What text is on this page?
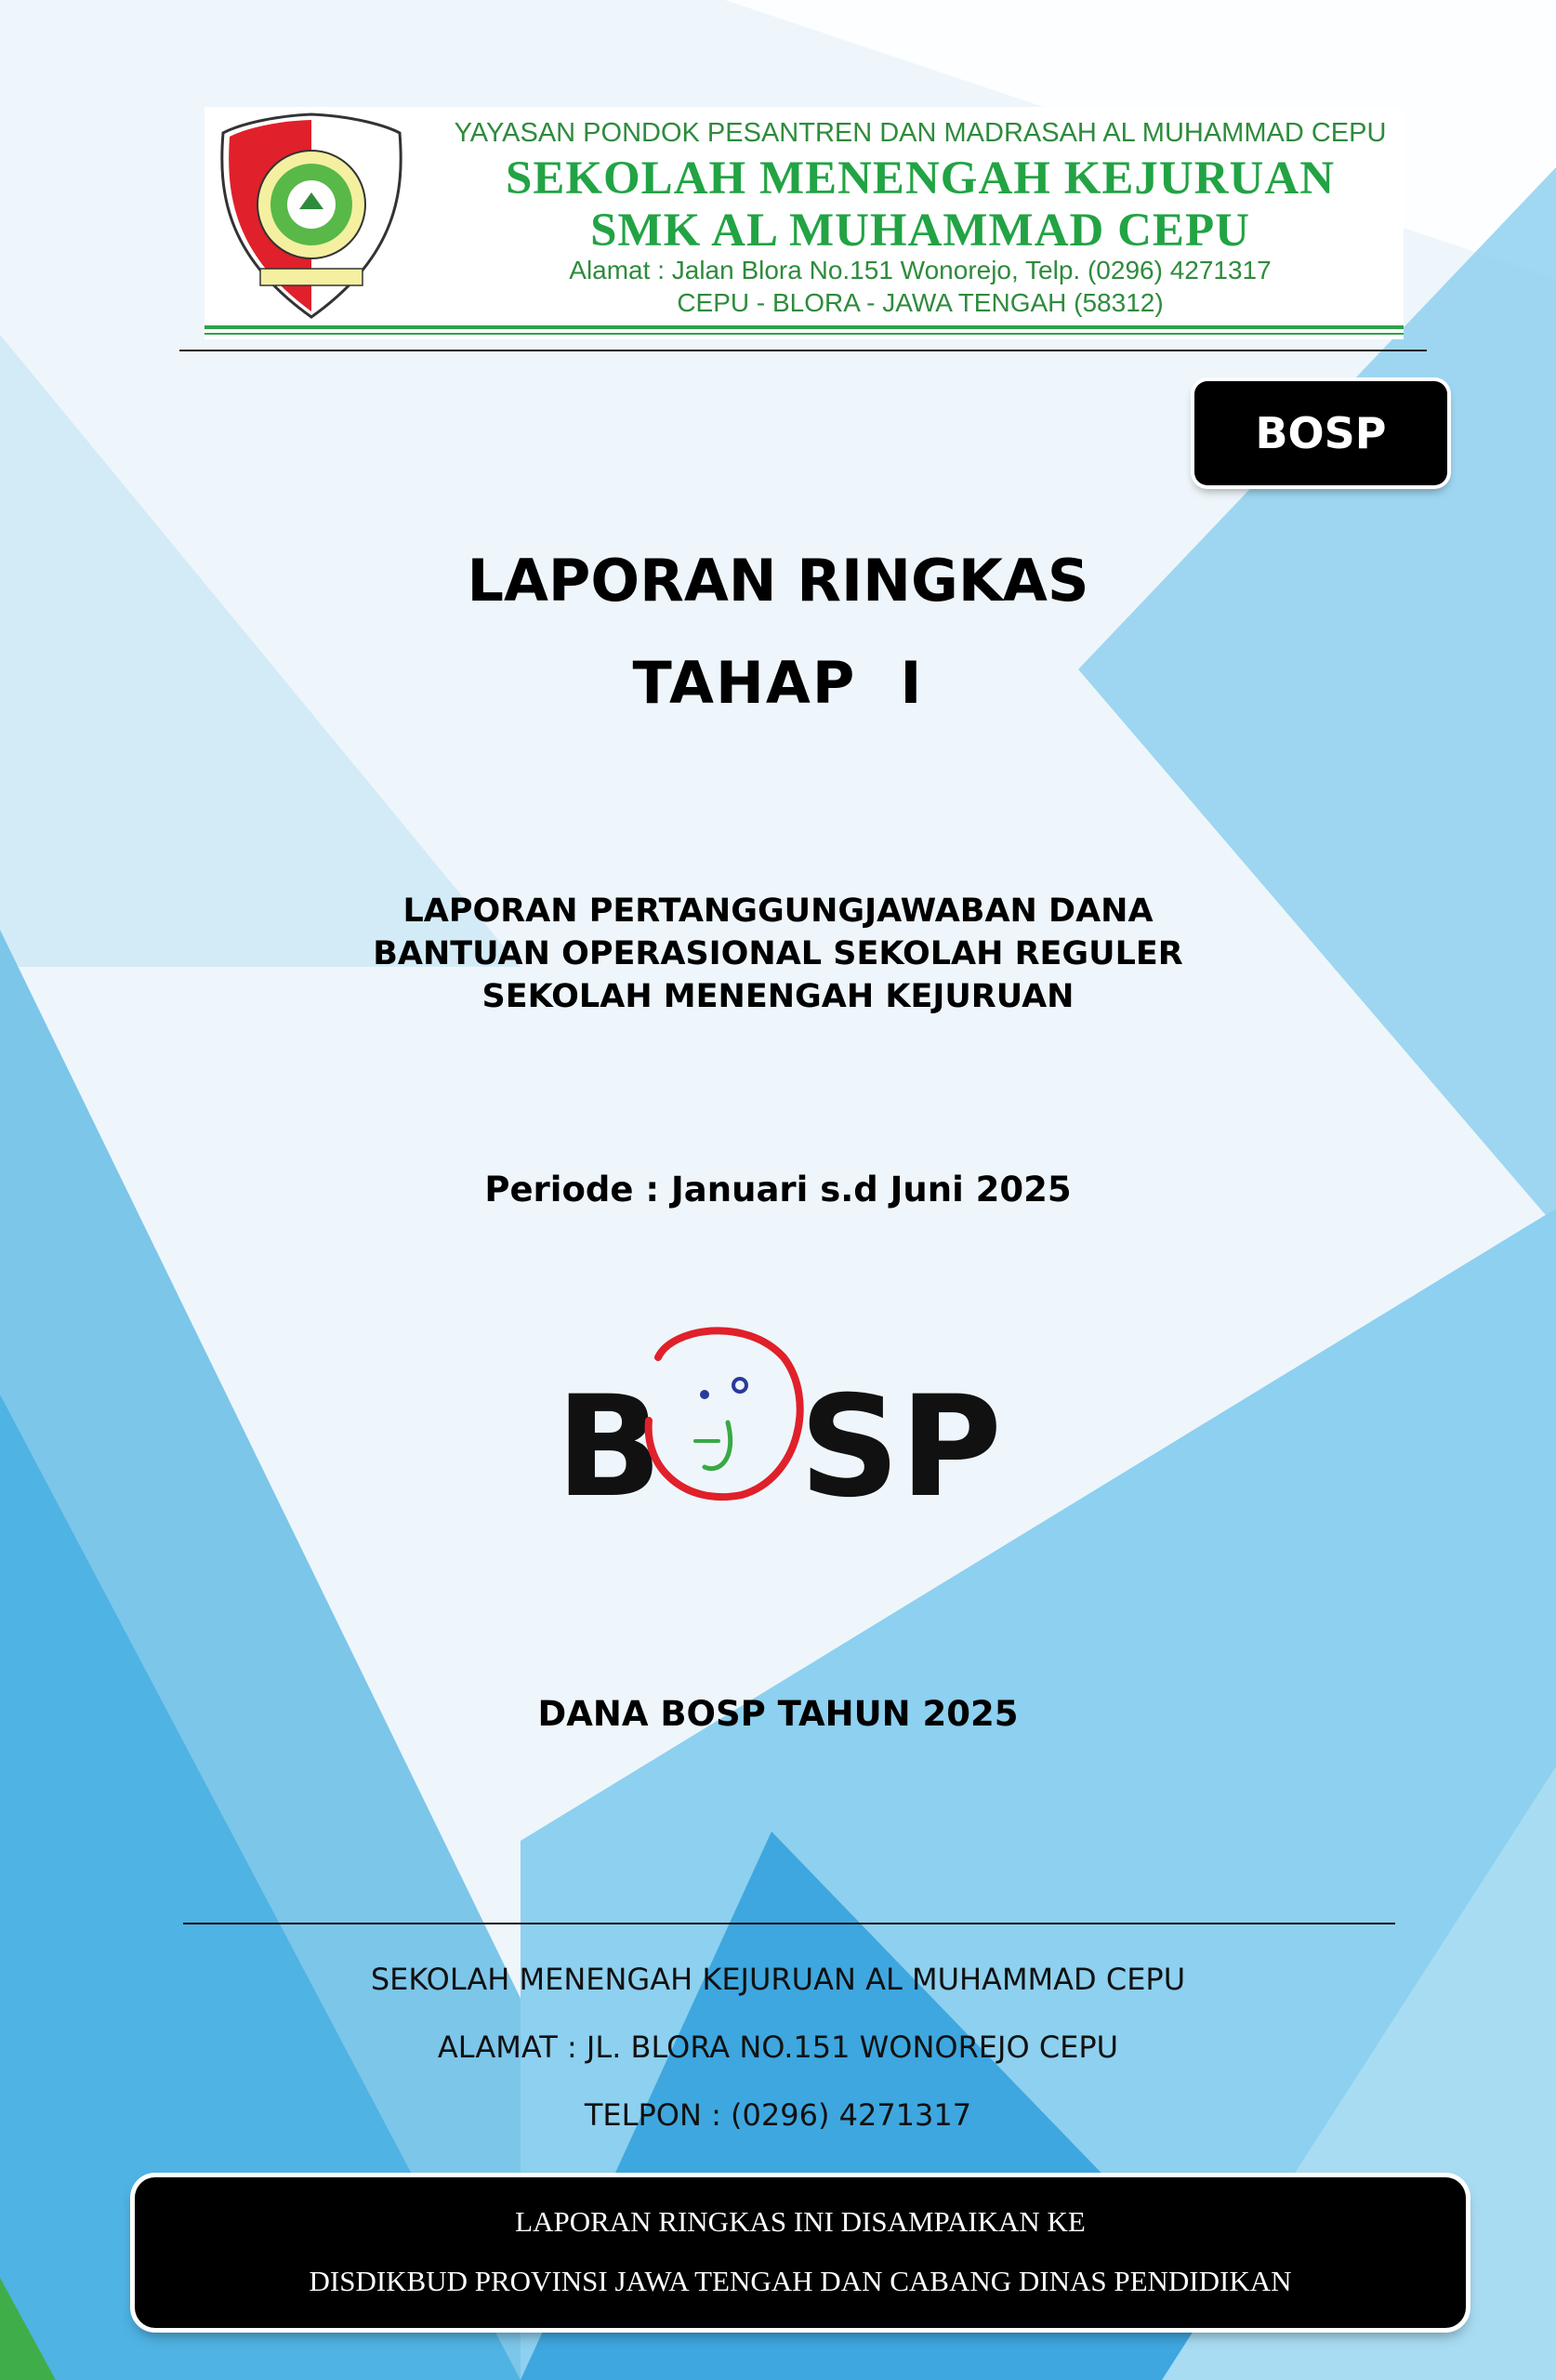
YAYASAN PONDOK PESANTREN DAN MADRASAH AL MUHAMMAD CEPU
SEKOLAH MENENGAH KEJURUAN
SMK AL MUHAMMAD CEPU
Alamat : Jalan Blora No.151 Wonorejo, Telp. (0296) 4271317
CEPU - BLORA - JAWA TENGAH (58312)
BOSP
LAPORAN RINGKAS
TAHAP  I
LAPORAN PERTANGGUNGJAWABAN DANA
BANTUAN OPERASIONAL SEKOLAH REGULER
SEKOLAH MENENGAH KEJURUAN
Periode : Januari s.d Juni 2025
B SP
DANA BOSP TAHUN 2025
SEKOLAH MENENGAH KEJURUAN AL MUHAMMAD CEPU
ALAMAT : JL. BLORA NO.151 WONOREJO CEPU
TELPON : (0296) 4271317
LAPORAN RINGKAS INI DISAMPAIKAN KE
DISDIKBUD PROVINSI JAWA TENGAH DAN CABANG DINAS PENDIDIKAN
